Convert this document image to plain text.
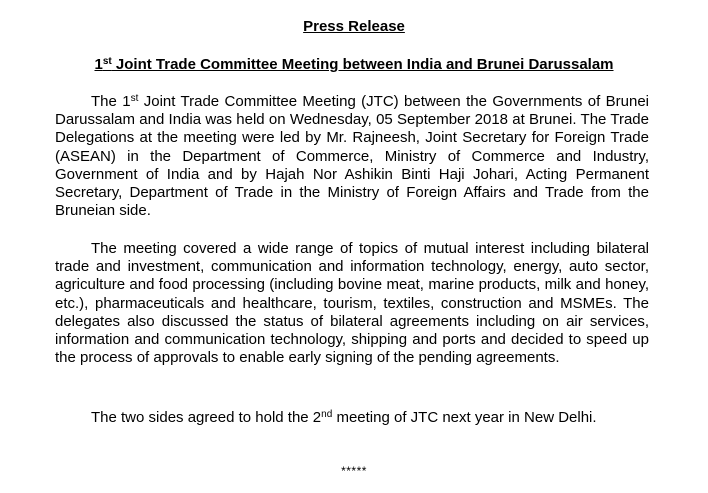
Press Release
1st Joint Trade Committee Meeting between India and Brunei Darussalam

The 1st Joint Trade Committee Meeting (JTC) between the Governments of Brunei Darussalam and India was held on Wednesday, 05 September 2018 at Brunei. The Trade Delegations at the meeting were led by Mr. Rajneesh, Joint Secretary for Foreign Trade (ASEAN) in the Department of Commerce, Ministry of Commerce and Industry, Government of India and by Hajah Nor Ashikin Binti Haji Johari, Acting Permanent Secretary, Department of Trade in the Ministry of Foreign Affairs and Trade from the Bruneian side.

The meeting covered a wide range of topics of mutual interest including bilateral trade and investment, communication and information technology, energy, auto sector, agriculture and food processing (including bovine meat, marine products, milk and honey, etc.), pharmaceuticals and healthcare, tourism, textiles, construction and MSMEs. The delegates also discussed the status of bilateral agreements including on air services, information and communication technology, shipping and ports and decided to speed up the process of approvals to enable early signing of the pending agreements.

The two sides agreed to hold the 2nd meeting of JTC next year in New Delhi.

*****
